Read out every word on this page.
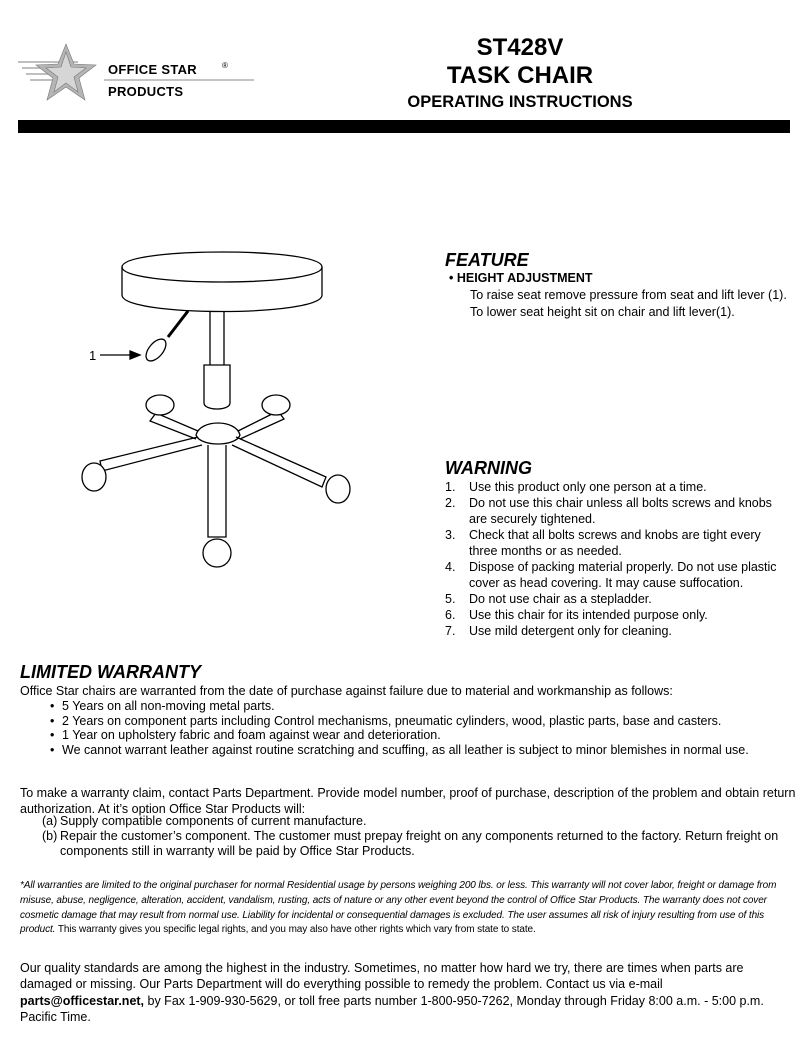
OFFICE STAR	®
PRODUCTS
ST428V
TASK CHAIR
OPERATING INSTRUCTIONS
1
FEATURE
• HEIGHT ADJUSTMENT
To raise seat remove pressure from seat and lift lever (1). To lower seat height sit on chair and lift lever(1).
WARNING
1. Use this product only one person at a time.
2. Do not use this chair unless all bolts screws and knobs are securely tightened.
3. Check that all bolts screws and knobs are tight every three months or as needed.
4. Dispose of packing material properly. Do not use plastic cover as head covering. It may cause suffocation.
5. Do not use chair as a stepladder.
6. Use this chair for its intended purpose only.
7. Use mild detergent only for cleaning.
LIMITED WARRANTY
Office Star chairs are warranted from the date of purchase against failure due to material and workmanship as follows:
• 5 Years on all non-moving metal parts.
• 2 Years on component parts including Control mechanisms, pneumatic cylinders, wood, plastic parts, base and casters.
• 1 Year on upholstery fabric and foam against wear and deterioration.
• We cannot warrant leather against routine scratching and scuffing, as all leather is subject to minor blemishes in normal use.
To make a warranty claim, contact Parts Department. Provide model number, proof of purchase, description of the problem and obtain return authorization. At it’s option Office Star Products will:
(a) Supply compatible components of current manufacture.
(b) Repair the customer’s component. The customer must prepay freight on any components returned to the factory. Return freight on components still in warranty will be paid by Office Star Products.
*All warranties are limited to the original purchaser for normal Residential usage by persons weighing 200 lbs. or less. This warranty will not cover labor, freight or damage from misuse, abuse, negligence, alteration, accident, vandalism, rusting, acts of nature or any other event beyond the control of Office Star Products. The warranty does not cover cosmetic damage that may result from normal use. Liability for incidental or consequential damages is excluded. The user assumes all risk of injury resulting from use of this product. This warranty gives you specific legal rights, and you may also have other rights which vary from state to state.
Our quality standards are among the highest in the industry. Sometimes, no matter how hard we try, there are times when parts are damaged or missing. Our Parts Department will do everything possible to remedy the problem. Contact us via e-mail parts@officestar.net, by Fax 1-909-930-5629, or toll free parts number 1-800-950-7262, Monday through Friday 8:00 a.m. - 5:00 p.m. Pacific Time.
